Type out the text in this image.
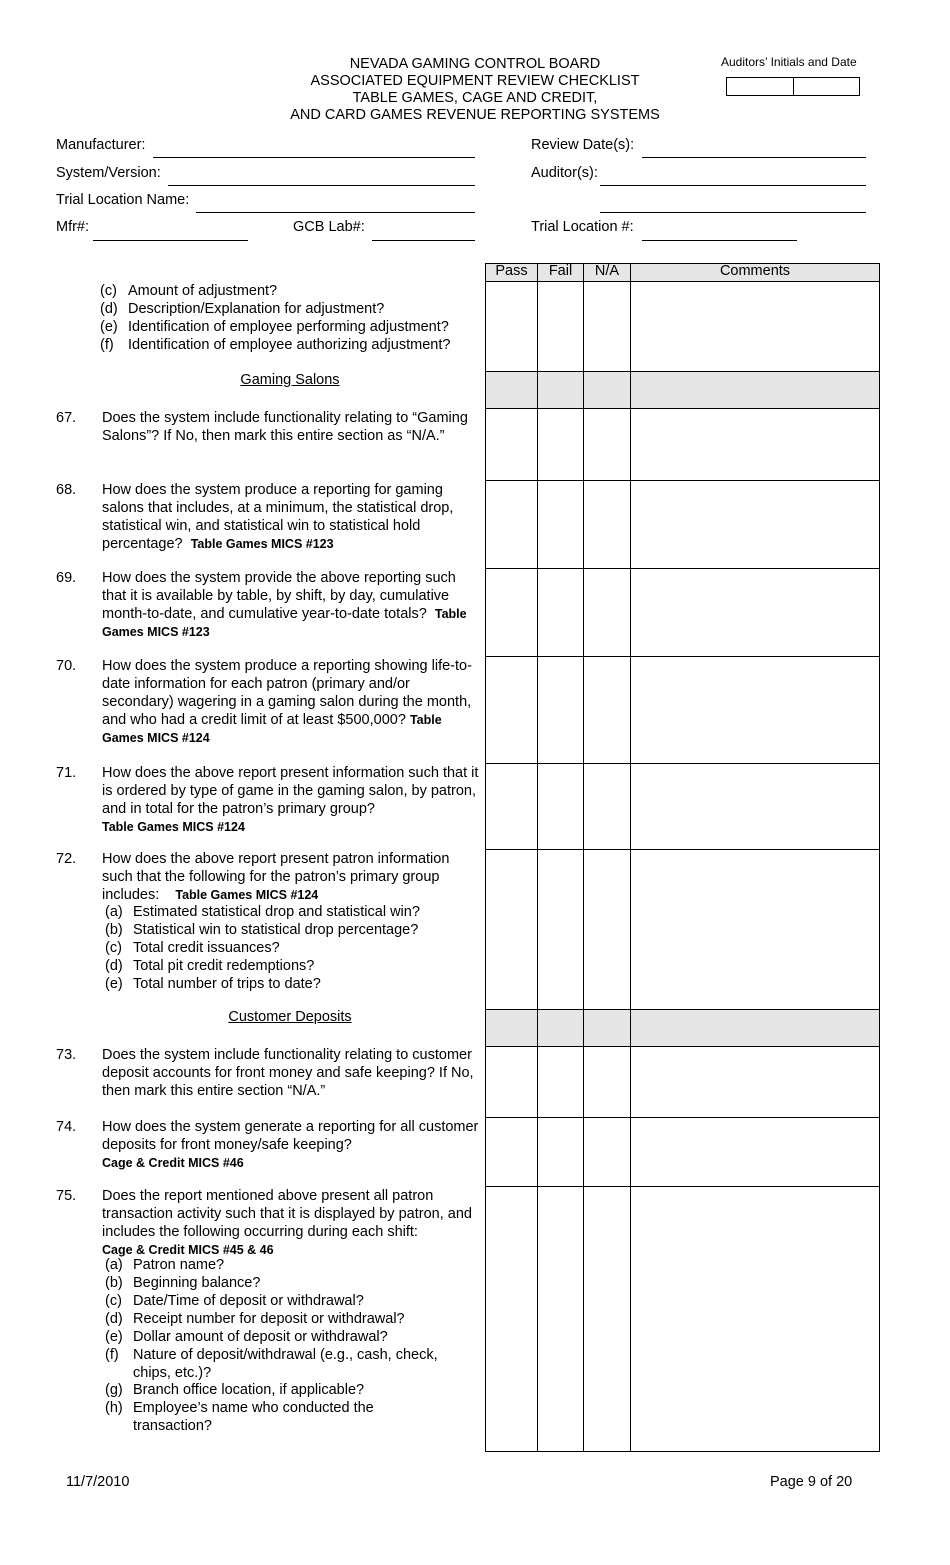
NEVADA GAMING CONTROL BOARD
ASSOCIATED EQUIPMENT REVIEW CHECKLIST
TABLE GAMES, CAGE AND CREDIT,
AND CARD GAMES REVENUE REPORTING SYSTEMS
Auditors’ Initials and Date
Manufacturer:
System/Version:
Trial Location Name:
Mfr#:	GCB Lab#:
Review Date(s):
Auditor(s):
Trial Location #:
Pass	Fail	N/A	Comments
(c) Amount of adjustment?
(d) Description/Explanation for adjustment?
(e) Identification of employee performing adjustment?
(f) Identification of employee authorizing adjustment?
Gaming Salons
67. Does the system include functionality relating to “Gaming Salons”? If No, then mark this entire section as “N/A.”
68. How does the system produce a reporting for gaming salons that includes, at a minimum, the statistical drop, statistical win, and statistical win to statistical hold percentage? Table Games MICS #123
69. How does the system provide the above reporting such that it is available by table, by shift, by day, cumulative month-to-date, and cumulative year-to-date totals? Table Games MICS #123
70. How does the system produce a reporting showing life-to-date information for each patron (primary and/or secondary) wagering in a gaming salon during the month, and who had a credit limit of at least $500,000? Table Games MICS #124
71. How does the above report present information such that it is ordered by type of game in the gaming salon, by patron, and in total for the patron’s primary group?
Table Games MICS #124
72. How does the above report present patron information such that the following for the patron’s primary group includes: Table Games MICS #124
(a) Estimated statistical drop and statistical win?
(b) Statistical win to statistical drop percentage?
(c) Total credit issuances?
(d) Total pit credit redemptions?
(e) Total number of trips to date?
Customer Deposits
73. Does the system include functionality relating to customer deposit accounts for front money and safe keeping? If No, then mark this entire section “N/A.”
74. How does the system generate a reporting for all customer deposits for front money/safe keeping?
Cage & Credit MICS #46
75. Does the report mentioned above present all patron transaction activity such that it is displayed by patron, and includes the following occurring during each shift:
Cage & Credit MICS #45 & 46
(a) Patron name?
(b) Beginning balance?
(c) Date/Time of deposit or withdrawal?
(d) Receipt number for deposit or withdrawal?
(e) Dollar amount of deposit or withdrawal?
(f) Nature of deposit/withdrawal (e.g., cash, check, chips, etc.)?
(g) Branch office location, if applicable?
(h) Employee’s name who conducted the transaction?
11/7/2010	Page 9 of 20
